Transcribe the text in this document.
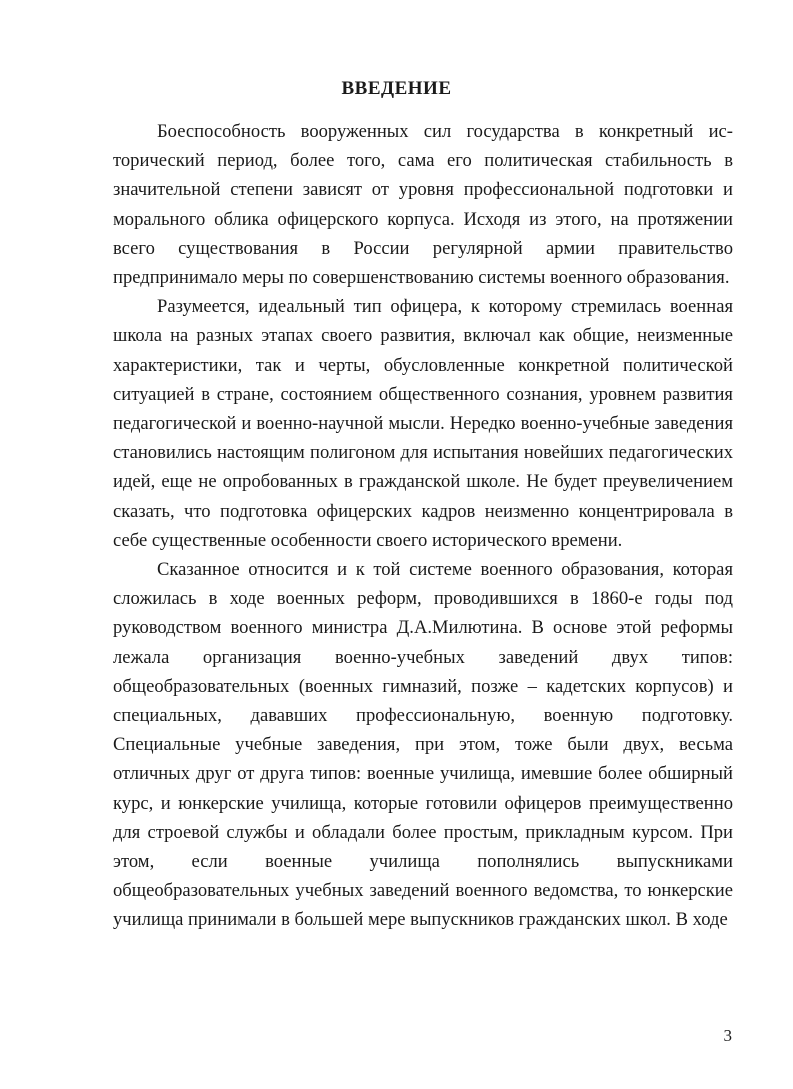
ВВЕДЕНИЕ

Боеспособность вооруженных сил государства в конкретный исторический период, более того, сама его политическая стабильность в значительной степени зависят от уровня профессиональной подготовки и морального облика офицерского корпуса. Исходя из этого, на протяжении всего существования в России регулярной армии правительство предпринимало меры по совершенствованию системы военного образования.

Разумеется, идеальный тип офицера, к которому стремилась военная школа на разных этапах своего развития, включал как общие, неизменные характеристики, так и черты, обусловленные конкретной политической ситуацией в стране, состоянием общественного сознания, уровнем развития педагогической и военно-научной мысли. Нередко военно-учебные заведения становились настоящим полигоном для испытания новейших педагогических идей, еще не опробованных в гражданской школе. Не будет преувеличением сказать, что подготовка офицерских кадров неизменно концентрировала в себе существенные особенности своего исторического времени.

Сказанное относится и к той системе военного образования, которая сложилась в ходе военных реформ, проводившихся в 1860-е годы под руководством военного министра Д.А.Милютина. В основе этой реформы лежала организация военно-учебных заведений двух типов: общеобразовательных (военных гимназий, позже – кадетских корпусов) и специальных, дававших профессиональную, военную подготовку. Специальные учебные заведения, при этом, тоже были двух, весьма отличных друг от друга типов: военные училища, имевшие более обширный курс, и юнкерские училища, которые готовили офицеров преимущественно для строевой службы и обладали более простым, прикладным курсом. При этом, если военные училища пополнялись выпускниками общеобразовательных учебных заведений военного ведомства, то юнкерские училища принимали в большей мере выпускников гражданских школ. В ходе

3
